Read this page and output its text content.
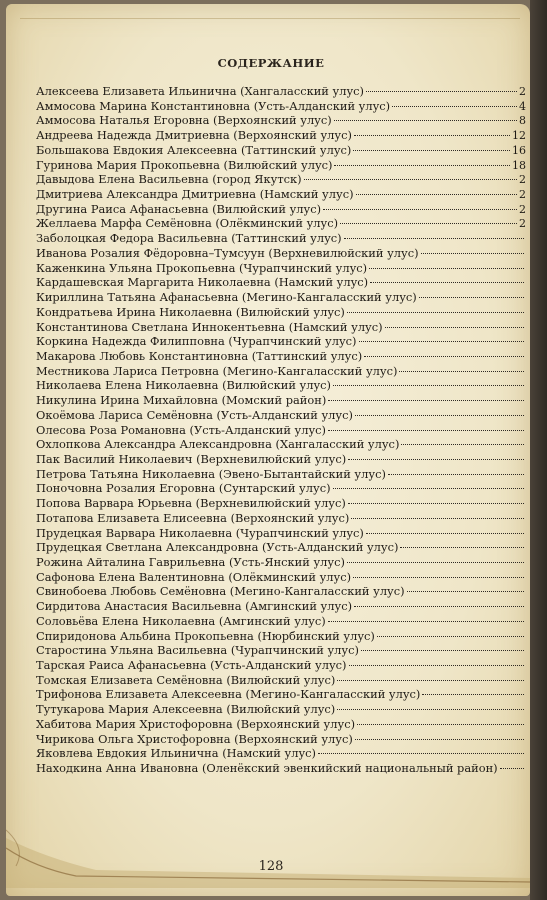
СОДЕРЖАНИЕ
Алексеева Елизавета Ильинична (Хангаласский улус)	2
Аммосова Марина Константиновна (Усть-Алданский улус)	4
Аммосова Наталья Егоровна (Верхоянский улус)	8
Андреева Надежда Дмитриевна (Верхоянский улус)	12
Большакова Евдокия Алексеевна (Таттинский улус)	16
Гуринова Мария Прокопьевна (Вилюйский улус)	18
Давыдова Елена Васильевна (город Якутск)	2
Дмитриева Александра Дмитриевна (Намский улус)	2
Другина Раиса Афанасьевна (Вилюйский улус)	2
Желлаева Марфа Семёновна (Олёкминский улус)	2
Заболоцкая Федора Васильевна (Таттинский улус)
Иванова Розалия Фёдоровна–Тумсуун (Верхневилюйский улус)
Каженкина Ульяна Прокопьевна (Чурапчинский улус)
Кардашевская Маргарита Николаевна (Намский улус)
Кириллина Татьяна Афанасьевна (Мегино-Кангаласский улус)
Кондратьева Ирина Николаевна (Вилюйский улус)
Константинова Светлана Иннокентьевна (Намский улус)
Коркина Надежда Филипповна (Чурапчинский улус)
Макарова Любовь Константиновна (Таттинский улус)
Местникова Лариса Петровна (Мегино-Кангаласский улус)
Николаева Елена Николаевна (Вилюйский улус)
Никулина Ирина Михайловна (Момский район)
Окоёмова Лариса Семёновна (Усть-Алданский улус)
Олесова Роза Романовна (Усть-Алданский улус)
Охлопкова Александра Александровна (Хангаласский улус)
Пак Василий Николаевич (Верхневилюйский улус)
Петрова Татьяна Николаевна (Эвено-Бытантайский улус)
Поночовна Розалия Егоровна (Сунтарский улус)
Попова Варвара Юрьевна (Верхневилюйский улус)
Потапова Елизавета Елисеевна (Верхоянский улус)
Прудецкая Варвара Николаевна (Чурапчинский улус)
Прудецкая Светлана Александровна (Усть-Алданский улус)
Рожина Айталина Гаврильевна (Усть-Янский улус)
Сафонова Елена Валентиновна (Олёкминский улус)
Свинобоева Любовь Семёновна (Мегино-Кангаласский улус)
Сирдитова Анастасия Васильевна (Амгинский улус)
Соловьёва Елена Николаевна (Амгинский улус)
Спиридонова Альбина Прокопьевна (Нюрбинский улус)
Старостина Ульяна Васильевна (Чурапчинский улус)
Тарская Раиса Афанасьевна (Усть-Алданский улус)
Томская Елизавета Семёновна (Вилюйский улус)
Трифонова Елизавета Алексеевна (Мегино-Кангаласский улус)
Тутукарова Мария Алексеевна (Вилюйский улус)
Хабитова Мария Христофоровна (Верхоянский улус)
Чирикова Ольга Христофоровна (Верхоянский улус)
Яковлева Евдокия Ильинична (Намский улус)
Находкина Анна Ивановна (Оленёкский эвенкийский национальный район)
128
